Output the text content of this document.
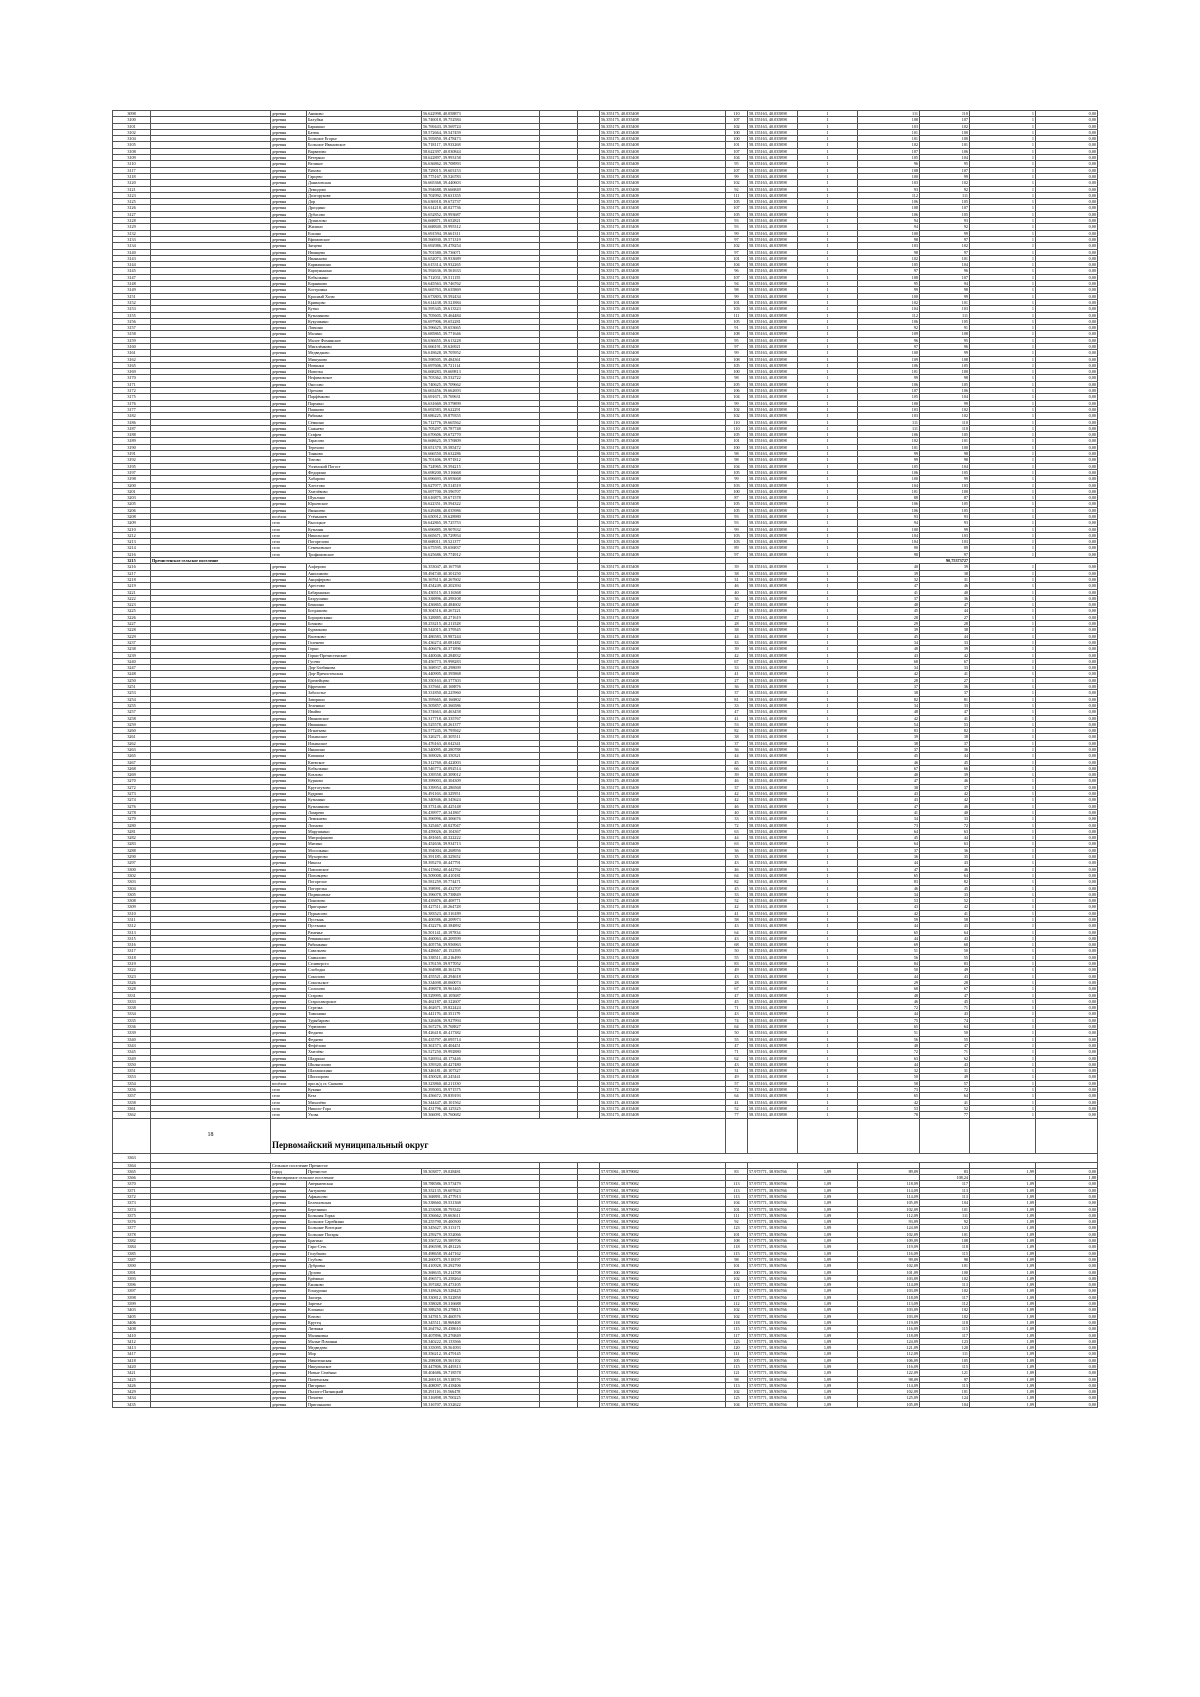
3098		деревня	Аниково	56.622998, 40.058873			56.355175, 40.035408	110	58.155163, 40.035898	1	111	110	1	0,00	
3100		деревня	Балуйки	56.746018, 39.752584			56.355175, 40.035408	107	58.155163, 40.035898	1	108	107	1	0,00	
3101		деревня	Барышки	56.769443, 39.569724			56.355175, 40.035408	102	58.155163, 40.035898	1	103	102	1	0,00	
3102		деревня	Батюк	58.572664, 39.547459			56.355175, 40.035408	100	58.155163, 40.035898	1	101	100	1	0,00	
3104		деревня	Большое Егорье	56.595850, 39.478473			56.355175, 40.035408	100	58.155163, 40.035898	1	101	100	1	0,00	
3105		деревня	Большое Ивановское	56.718117, 39.933268			56.355175, 40.035408	101	58.155163, 40.035898	1	102	101	1	0,00	
3108		деревня	Варватово	58.622397, 40.030844			56.355175, 40.035408	107	58.155163, 40.035898	1	107	106	1	0,00	
3109		деревня	Ветеряно	58.622897, 39.993158			56.355175, 40.035408	104	58.155163, 40.035898	1	105	104	1	0,00	
3110		деревня	Великое	56.636862, 39.708993			56.355175, 40.035408	95	58.155163, 40.035898	1	96	95	1	0,00	
3117		деревня	Вяхово	58.729015, 39.603153			56.355175, 40.035408	107	58.155163, 40.035898	1	108	107	1	0,00	
3118		деревня	Гарцево	58.775167, 39.526783			56.355175, 40.035408	99	58.155163, 40.035898	1	100	99	1	0,00	
3120		деревня	Даниловская	56.665368, 39.440603			56.355175, 40.035408	102	58.155163, 40.035898	1	103	102	1	0,00	
3121		деревня	Демидово	56.594688, 39.666849			56.355175, 40.035408	92	58.155163, 40.035898	1	93	92	1	0,00	
3123		деревня	Долгорукове	58.702992, 39.631355			56.355175, 40.035408	111	58.155163, 40.035898	1	112	111	1	0,00	
3125		деревня	Дор	56.636918, 39.672737			56.355175, 40.035408	105	58.155163, 40.035898	1	106	105	1	0,00	
3126		деревня	Дроздино	56.614218, 40.027736			56.355175, 40.035408	107	58.155163, 40.035898	1	108	107	1	0,00	
3127		деревня	Дубасово	56.652852, 39.993687			56.355175, 40.035408	105	58.155163, 40.035898	1	106	105	1	0,00	
3128		деревня	Душилово	56.668871, 39.652821			56.355175, 40.035408	93	58.155163, 40.035898	1	94	93	1	0,00	
3129		деревня	Жилино	56.668840, 39.995312			56.355175, 40.035408	93	58.155163, 40.035898	1	94	92	1	0,00	
3132		деревня	Ескино	56.691594, 39.661311			56.355175, 40.035408	99	58.155163, 40.035898	1	100	99	1	0,00	
3133		деревня	Ефимовское	58.566930, 39.571319			56.355175, 40.035408	97	58.155163, 40.035898	1	98	97	1	0,00	
3134		деревня	Зятцево	56.692986, 39.478254			56.355175, 40.035408	102	58.155163, 40.035898	1	103	102	1	0,00	
3140		деревня	Иванцево	56.701580, 39.736071			56.355175, 40.035408	97	58.155163, 40.035898	1	98	97	1	0,00	
3143		деревня	Иваньково	56.652073, 39.933689			56.355175, 40.035408	101	58.155163, 40.035898	1	102	101	1	0,00	
3144		деревня	Кармашкино	56.615314, 39.932265			56.355175, 40.035408	104	58.155163, 40.035898	1	105	104	1	0,00	
3145		деревня	Карпунькино	56.592636, 39.561633			56.355175, 40.035408	96	58.155163, 40.035898	1	97	96	1	0,00	
3147		деревня	Кобылкино	56.712031, 39.511155			56.355175, 40.035408	107	58.155163, 40.035898	1	108	107	1	0,00	
3148		деревня	Корниково	56.645563, 39.746762			56.355175, 40.035408	94	58.155163, 40.035898	1	95	94	1	0,00	
3149		деревня	Костромка	56.665763, 39.635869			56.355175, 40.035408	98	58.155163, 40.035898	1	99	98	1	0,00	
3151		деревня	Красный Холм	56.673803, 39.592434			56.355175, 40.035408	99	58.155163, 40.035898	1	100	99	1	0,00	
3152		деревня	Кривцово	56.614438, 39.521884			56.355175, 40.035408	101	58.155163, 40.035898	1	102	101	1	0,00	
3153		деревня	Кутки	56.595345, 39.613323			56.355175, 40.035408	103	58.155163, 40.035898	1	104	103	1	0,00	
3155		деревня	Кузьминово	56.705605, 39.464484			56.355175, 40.035408	111	58.155163, 40.035898	1	112	111	1	0,00	
3156		деревня	Кукушкино	56.697906, 39.652281			56.355175, 40.035408	105	58.155163, 40.035898	1	106	105	1	0,00	
3157		деревня	Латкино	56.596625, 39.653665			56.355175, 40.035408	91	58.155163, 40.035898	1	92	91	1	0,00	
3158		деревня	Малино	56.685865, 39.771646			56.355175, 40.035408	108	58.155163, 40.035898	1	109	108	1	0,00	
3159		деревня	Малое Фоминское	56.636655, 39.613228			56.355175, 40.035408	95	58.155163, 40.035898	1	96	95	1	0,00	
3160		деревня	Мигалёнково	56.666191, 39.626921			56.355175, 40.035408	97	58.155163, 40.035898	1	97	96	1	0,00	
3161		деревня	Медведково	56.618628, 39.705952			56.355175, 40.035408	99	58.155163, 40.035898	1	100	99	1	0,00	
3162		деревня	Мишуково	56.598505, 39.484361			56.355175, 40.035408	108	58.155163, 40.035898	1	109	108	1	0,00	
3165		деревня	Новинки	56.697606, 39.721114			56.355175, 40.035408	105	58.155163, 40.035898	1	106	105	1	0,00	
3169		деревня	Новотка	56.668283, 39.669813			56.355175, 40.035408	100	58.155163, 40.035898	1	101	100	1	0,00	
3170		деревня	Нефимовское	56.703362, 39.532722			56.355175, 40.035408	98	58.155163, 40.035898	1	99	98	1	0,00	
3171		деревня	Оносово	56.740625, 39.709662			56.355175, 40.035408	105	58.155163, 40.035898	1	106	105	1	0,00	
3172		деревня	Орехово	56.663456, 39.662693			56.355175, 40.035408	106	58.155163, 40.035898	1	107	106	1	0,00	
3175		деревня	Парфёнково	56.691671, 39.769631			56.355175, 40.035408	104	58.155163, 40.035898	1	105	104	1	0,00	
3176		деревня	Пархино	56.631669, 39.579899			56.355175, 40.035408	99	58.155163, 40.035898	1	100	99	1	0,00	
3177		деревня	Пашково	56.692583, 39.622291			56.355175, 40.035408	102	58.155163, 40.035898	1	103	102	1	0,00	
3182		деревня	Рябинка	58.686225, 39.879355			56.355175, 40.035408	102	58.155163, 40.035898	1	103	102	1	0,00	
3186		деревня	Сёмкино	56.712776, 39.665562			56.355175, 40.035408	110	58.155163, 40.035898	1	111	110	1	0,00	
3187		деревня	Сажнево	56.705297, 39.787748			56.355175, 40.035408	110	58.155163, 40.035898	1	111	110	1	0,00	
3188		деревня	Стафеи	56.670606, 39.672770			56.355175, 40.035408	105	58.155163, 40.035898	1	106	105	1	0,00	
3189		деревня	Тарасово	56.668625, 39.576809			56.355175, 40.035408	101	58.155163, 40.035898	1	102	101	1	0,00	
3190		деревня	Терехово	58.651370, 39.585472			56.355175, 40.035408	100	58.155163, 40.035898	1	101	100	1	0,00	
3191		деревня	Тинково	56.666550, 39.632286			56.355175, 40.035408	98	58.155163, 40.035898	1	99	98	1	0,00	
3192		деревня	Титово	56.701406, 39.971812			56.355175, 40.035408	98	58.155163, 40.035898	1	99	98	1	0,00	
3195		деревня	Успенский Погост	56.724965, 39.594215			56.355175, 40.035408	104	58.155163, 40.035898	1	105	104	1	0,00	
3197		деревня	Федорино	56.698200, 39.516668			56.355175, 40.035408	105	58.155163, 40.035898	1	106	105	1	0,00	
3198		деревня	Хабарово	56.696693, 39.693668			56.355175, 40.035408	99	58.155163, 40.035898	1	100	99	1	0,00	
3200		деревня	Хлестово	56.627977, 39.514519			56.355175, 40.035408	103	58.155163, 40.035898	1	104	103	1	0,00	
3201		деревня	Хмелёвово	56.697700, 39.596707			56.355175, 40.035408	100	58.155163, 40.035898	1	101	100	1	0,00	
3203		деревня	Шуклино	58.616875, 39.671578			56.355175, 40.035408	87	58.155163, 40.035898	1	88	87	1	0,00	
3205		деревня	Юрьевское	56.622351, 39.594322			56.355175, 40.035408	105	58.155163, 40.035898	1	106	105	1	0,00	
3206		деревня	Ямышево	56.629486, 40.035986			56.355175, 40.035408	105	58.155163, 40.035898	1	106	105	1	0,00	
3208		посёлок	Утёнышев	56.650912, 39.628980			56.355175, 40.035408	93	58.155163, 40.035898	1	93	93	1	0,00	
3209		село	Высоцкое	56.642865, 39.725753			56.355175, 40.035408	93	58.155163, 40.035898	1	94	93	1	0,00	
3210		село	Кузьмин	56.696885, 39.907632			56.355175, 40.035408	99	58.155163, 40.035898	1	100	99	1	0,00	
3212		село	Никольское	56.665671, 39.729954			56.355175, 40.035408	103	58.155163, 40.035898	1	104	103	1	0,00	
3213		село	Погорелово	58.668011, 39.521377			56.355175, 40.035408	103	58.155163, 40.035898	1	104	103	1	0,00	
3214		село	Семеновское	56.675595, 39.656837			56.355175, 40.035408	89	58.155163, 40.035898	1	90	89	1	0,00	
3216		село	Трофимовское	56.625686, 39.774912			56.355175, 40.035408	97	58.155163, 40.035898	1	98	97	1	0,00	
3215	Пречистенское сельское поселение										90,75373727				
3216		деревня	Алферово	56.353047, 40.167768			56.355175, 40.035408	39	58.155163, 40.035898	1	40	39	1	0,00	
3217		деревня	Анисимово	58.494740, 40.301250			56.355175, 40.035408	38	58.155163, 40.035898	1	39	38	1	0,00	
3218		деревня	Анциферово	56.367613, 40.267602			56.355175, 40.035408	31	58.155163, 40.035898	1	32	31	1	0,00	
3219		деревня	Арестово	58.454249, 40.202394			56.355175, 40.035408	46	58.155163, 40.035898	1	47	46	1	0,00	
3221		деревня	Бабарыкино	56.430515, 40.316368			56.355175, 40.035408	40	58.155163, 40.035898	1	41	40	1	0,00	
3222		деревня	Бахрушино	56.338896, 40.298108			56.355175, 40.035408	36	58.155163, 40.035898	1	37	36	1	0,00	
3223		деревня	Бекшино	56.436865, 40.484602			56.355175, 40.035408	47	58.155163, 40.035898	1	48	47	1	0,00	
3225		деревня	Богдашово	58.304516, 40.267221			56.355175, 40.035408	44	58.155163, 40.035898	1	45	44	1	0,00	
3226		деревня	Борщовскино	56.328885, 40.271619			56.355175, 40.035408	27	58.155163, 40.035898	1	28	27	1	0,00	
3227		деревня	Бочково	58.253215, 40.211528			56.355175, 40.035408	28	58.155163, 40.035898	1	29	28	1	0,00	
3228		деревня	Бурмаково	58.542015, 40.379545			56.355175, 40.035408	38	58.155163, 40.035898	1	39	38	1	0,00	
3229		деревня	Васюково	58.486583, 39.987244			56.355175, 40.035408	44	58.155163, 40.035898	1	45	44	1	0,00	
3237		деревня	Голенево	56.436274, 40.081482			56.355175, 40.035408	33	58.155163, 40.035898	1	34	33	1	0,00	
3238		деревня	Горки	56.406676, 40.371896			56.355175, 40.035408	39	58.155163, 40.035898	1	40	39	1	0,00	
3239		деревня	Горки-Пречистенские	56.440046, 40.284832			56.355175, 40.035408	42	58.155163, 40.035898	1	43	42	1	0,00	
3240		деревня	Гусево	58.456773, 39.998283			56.355175, 40.035408	67	58.155163, 40.035898	1	68	67	1	0,00	
3247		деревня	Дор-Злобинова	56.368937, 40.298699			56.355175, 40.035408	33	58.155163, 40.035898	1	34	33	1	0,00	
3248		деревня	Дор-Пречистенская	56.440905, 40.395868			56.355175, 40.035408	41	58.155163, 40.035898	1	42	41	1	0,00	
3250		деревня	Еремейцево	58.350163, 40.377303			56.355175, 40.035408	27	58.155163, 40.035898	1	28	27	1	0,00	
3251		деревня	Ефремово	56.337661, 40.168876			56.355175, 40.035408	36	58.155163, 40.035898	1	37	36	1	0,00	
3253		деревня	Заболотье	58.331850, 40.225960			56.355175, 40.035408	37	58.155163, 40.035898	1	38	37	1	0,00	
3254		деревня	Заворино	56.395665, 40.166802			56.355175, 40.035408	81	58.155163, 40.035898	1	82	81	1	0,00	
3255		деревня	Зеленино	56.505857, 40.366586			56.355175, 40.035408	33	58.155163, 40.035898	1	34	33	1	0,00	
3257		деревня	Ивайво	56.374663, 40.463458			56.355175, 40.035408	47	58.155163, 40.035898	1	48	47	1	0,00	
3258		деревня	Ивановское	56.317718, 40.335767			56.355175, 40.035408	41	58.155163, 40.035898	1	42	41	1	0,00	
3259		деревня	Ивашкино	56.525578, 40.261377			56.355175, 40.035408	53	58.155163, 40.035898	1	54	53	1	0,00	
3260		деревня	Игнатьево	56.577245, 39.795942			56.355175, 40.035408	82	58.155163, 40.035898	1	83	82	1	0,00	
3261		деревня	Ильинское	56.326271, 40.305511			56.355175, 40.035408	38	58.155163, 40.035898	1	39	38	1	0,00	
3262		деревня	Ильинское	56.476163, 40.042341			56.355175, 40.035408	37	58.155163, 40.035898	1	38	37	1	0,00	
3263		деревня	Иньшино	56.340095, 40.280788			56.355175, 40.035408	36	58.155163, 40.035898	1	37	36	1	0,00	
3265		деревня	Катышка	56.369026, 40.350321			56.355175, 40.035408	44	58.155163, 40.035898	1	45	44	1	0,00	
3267		деревня	Киевское	56.312760, 40.422003			56.355175, 40.035408	45	58.155163, 40.035898	1	46	45	1	0,00	
3268		деревня	Кобылкино	58.546773, 40.092514			56.355175, 40.035408	66	58.155163, 40.035898	1	67	66	1	0,00	
3269		деревня	Козлово	56.339558, 40.309012			56.355175, 40.035408	39	58.155163, 40.035898	1	40	39	1	0,00	
3270		деревня	Курново	58.399003, 40.304309			56.355175, 40.035408	46	58.155163, 40.035898	1	47	46	1	0,00	
3272		деревня	Крутогузово	56.339954, 40.286568			56.355175, 40.035408	37	58.155163, 40.035898	1	38	37	1	0,00	
3273		деревня	Кудрино	56.491163, 40.325951			56.355175, 40.035408	42	58.155163, 40.035898	1	43	42	1	0,00	
3274		деревня	Кузьмино	56.340946, 40.345624			56.355175, 40.035408	42	58.155163, 40.035898	1	43	42	1	0,00	
3276		деревня	Кузьминово	58.373146, 40.425148			56.355175, 40.035408	46	58.155163, 40.035898	1	47	46	1	0,00	
3278		деревня	Лазарево	56.439977, 40.341867			56.355175, 40.035408	40	58.155163, 40.035898	1	41	40	1	0,00	
3279		деревня	Лемишево	56.396996, 40.306676			56.355175, 40.035408	33	58.155163, 40.035898	1	34	33	1	0,00	
3280		деревня	Логново	56.325467, 40.027047			56.355175, 40.035408	72	58.155163, 40.035898	1	73	72	1	0,00	
3281		деревня	Марушкино	58.459026, 40.104367			56.355175, 40.035408	63	58.155163, 40.035898	1	64	63	1	0,00	
3282		деревня	Митрофаново	56.481665, 40.322222			56.355175, 40.035408	44	58.155163, 40.035898	1	45	44	1	0,00	
3283		деревня	Митино	56.452636, 39.934713			56.355175, 40.035408	63	58.155163, 40.035898	1	64	63	1	0,00	
3288		деревня	Мосолкино	58.394004, 40.268956			56.355175, 40.035408	36	58.155163, 40.035898	1	37	36	1	0,00	
3290		деревня	Мухортово	56.391185, 40.325652			56.355175, 40.035408	35	58.155163, 40.035898	1	36	35	1	0,00	
3297		деревня	Никола	58.395270, 40.447791			56.355175, 40.035408	43	58.155163, 40.035898	1	44	43	1	0,00	
3300		деревня	Павловское	56.415662, 40.442762			56.355175, 40.035408	46	58.155163, 40.035898	1	47	46	1	0,00	
3302		деревня	Поповцево	56.509008, 40.410181			56.355175, 40.035408	64	58.155163, 40.035898	1	65	64	1	0,00	
3303		деревня	Погорелое	56.581259, 39.774471			56.355175, 40.035408	82	58.155163, 40.035898	1	83	82	1	0,00	
3304		деревня	Погорелка	56.398991, 40.432707			56.355175, 40.035408	45	58.155163, 40.035898	1	46	45	1	0,00	
3305		деревня	Подвишенье	56.396078, 39.738849			56.355175, 40.035408	33	58.155163, 40.035898	1	34	33	1	0,00	
3308		деревня	Понизово	58.435876, 40.408771			56.355175, 40.035408	52	58.155163, 40.035898	1	53	52	1	0,00	
3309		деревня	Пригоряне	58.427511, 40.264728			56.355175, 40.035408	42	58.155163, 40.035898	1	43	42	1	0,00	
3310		деревня	Пурнасово	56.383523, 40.316189			56.355175, 40.035408	41	58.155163, 40.035898	1	42	41	1	0,00	
3311		деревня	Пустынь	56.406586, 40.209973			56.355175, 40.035408	58	58.155163, 40.035898	1	59	58	1	0,00	
3312		деревня	Пустынка	56.432276, 40.384892			56.355175, 40.035408	43	58.155163, 40.035898	1	44	43	1	0,00	
3313		деревня	Раменье	56.501141, 40.197834			56.355175, 40.035408	64	58.155163, 40.035898	1	65	64	1	0,00	
3315		деревня	Ревякинское	56.460063, 40.209599			56.355175, 40.035408	43	58.155163, 40.035898	1	44	43	1	0,00	
3316		деревня	Рябинкино	56.405756, 39.956963			56.355175, 40.035408	68	58.155163, 40.035898	1	69	68	1	0,00	
3317		деревня	Савельево	56.428667, 40.152395			56.355175, 40.035408	50	58.155163, 40.035898	1	51	50	1	0,00	
3318		деревня	Самылово	56.338511, 40.216499			56.355175, 40.035408	55	58.155163, 40.035898	1	56	55	1	0,00	
3319		деревня	Селиверсто	56.376159, 39.977052			56.355175, 40.035408	83	58.155163, 40.035898	1	84	83	1	0,00	
3322		деревня	Слободка	56.364988, 40.361276			56.355175, 40.035408	49	58.155163, 40.035898	1	50	49	1	0,00	
3323		деревня	Соколово	58.455521, 40.294618			56.355175, 40.035408	43	58.155163, 40.035898	1	44	43	1	0,00	
3326		деревня	Сокольское	56.334698, 40.060074			56.355175, 40.035408	28	58.155163, 40.035898	1	29	28	1	0,00	
3328		деревня	Солохово	56.498878, 39.961465			56.355175, 40.035408	67	58.155163, 40.035898	1	68	67	1	0,00	
3331		деревня	Старово	58.529995, 40.105687			56.355175, 40.035408	47	58.155163, 40.035898	1	48	47	1	0,00	
3333		деревня	Старосаворское	56.462187, 40.322607			56.355175, 40.035408	45	58.155163, 40.035898	1	46	45	1	0,00	
3338		деревня	Стрелка	56.462671, 39.822424			56.355175, 40.035408	71	58.155163, 40.035898	1	72	71	1	0,00	
3334		деревня	Тимонино	56.441176, 40.351179			56.355175, 40.035408	43	58.155163, 40.035898	1	44	43	1	0,00	
3335		деревня	Турыбарово	56.326406, 39.927994			56.355175, 40.035408	74	58.155163, 40.035898	1	75	74	1	0,00	
3336		деревня	Угрюмово	56.567276, 39.768827			56.355175, 40.035408	64	58.155163, 40.035898	1	65	64	1	0,00	
3339		деревня	Федяево	58.426418, 40.417382			56.355175, 40.035408	50	58.155163, 40.035898	1	51	50	1	0,00	
3340		деревня	Федяево	56.435797, 40.095714			56.355175, 40.035408	55	58.155163, 40.035898	1	56	55	1	0,00	
3343		деревня	Фефёлово	58.361573, 40.404451			56.355175, 40.035408	47	58.155163, 40.035898	1	48	47	1	0,00	
3345		деревня	Хмелёво	56.527250, 39.992880			56.355175, 40.035408	71	58.155163, 40.035898	1	72	71	1	0,00	
3349		деревня	Шадрино	56.526934, 40.173446			56.355175, 40.035408	62	58.155163, 40.035898	1	63	62	1	0,00	
3350		деревня	Шилыгалово	56.359320, 40.427480			56.355175, 40.035408	43	58.155163, 40.035898	1	44	43	1	0,00	
3351		деревня	Шалашихино	58.346181, 40.107327			56.355175, 40.035408	31	58.155163, 40.035898	1	32	31	1	0,00	
3353		деревня	Шиплорово	58.450028, 40.245441			56.355175, 40.035408	49	58.155163, 40.035898	1	50	49	1	0,00	
3354		посёлок	при ж/д ст. Скоково	58.323860, 40.211330			56.355175, 40.035408	57	58.155163, 40.035898	1	58	57	1	0,00	
3356		село	Кукино	56.395003, 39.971575			56.355175, 40.035408	72	58.155163, 40.035898	1	73	72	1	0,00	
3357		село	Кеза	56.456672, 39.839193			56.355175, 40.035408	64	58.155163, 40.035898	1	65	64	1	0,00	
3358		село	Михалёво	56.344447, 40.101562			56.355175, 40.035408	41	58.155163, 40.035898	1	42	41	1	0,00	
3361		село	Николо-Гора	56.431796, 40.125325			56.355175, 40.035408	52	58.155163, 40.035898	1	53	52	1	0,00	
3362		село	Ухова	58.366091, 39.760682			56.355175, 40.035408	77	58.155163, 40.035898	1	78	77	1	0,00	
	18	Первомайский муниципальный округ													
3363															
3364		Сельское поселение Пречистое													
3365		город	Пречистое	58.303877, 39.028481			57.973961, 38.979082	83	57.975771, 38.956766	1,09	89,09	83	1,99	0,00	
3366		Безвозвратное сельское поселение										108,24		1,88	
3370		деревня	Аверкиевская	58.788586, 39.573479			57.973961, 38.979082	113	57.975771, 38.956766	1,09	118,09	117	1,09	0,00	
3371		деревня	Антушево	58.352135, 39.607623			57.973961, 38.979082	113	57.975771, 38.956766	1,09	114,09	113	1,09	0,00	
3372		деревня	Афанасово	56.368891, 39.477913			57.973961, 38.979082	113	57.975771, 38.956766	1,09	114,09	113	1,09	0,00	
3373		деревня	Белешовская	56.338660, 39.531368			57.973961, 38.979082	104	57.975771, 38.956766	1,09	105,09	104	1,09	0,00	
3374		деревня	Березники	58.253008, 38.793342			57.973961, 38.979082	101	57.975771, 38.956766	1,09	102,09	101	1,09	0,00	
3375		деревня	Большая Горка	58.356662, 39.663611			57.973961, 38.979082	111	57.975771, 38.956766	1,09	112,09	111	1,09	0,00	
3376		деревня	Большое Сарейкино	58.255790, 39.400500			57.973961, 38.979082	92	57.975771, 38.956766	1,09	93,09	92	1,09	0,00	
3377		деревня	Большие Вотецкие	58.345627, 39.313171			57.973961, 38.979082	123	57.975771, 38.956766	1,09	124,09	123	1,09	0,00	
3378		деревня	Большие Погары	58.259279, 39.552066			57.973961, 38.979082	101	57.975771, 38.956766	1,09	102,09	101	1,09	0,00	
3382		деревня	Брагино	58.356722, 39.589706			57.973961, 38.979082	108	57.975771, 38.956766	1,09	109,09	108	1,09	0,00	
3384		деревня	Гари-Сеть	58.496598, 39.481226			57.973961, 38.979082	118	57.975771, 38.956766	1,09	119,09	118	1,09	0,00	
3385		деревня	Голубково	58.498658, 39.447162			57.973961, 38.979082	115	57.975771, 38.956766	1,09	116,09	115	1,09	0,00	
3387		деревня	Глубово	58.260075, 39.518197			57.973961, 38.979082	98	57.975771, 38.956766	1,09	99,09	98	1,09	0,00	
3390		деревня	Дубровка	58.410928, 39.292790			57.973961, 38.979082	101	57.975771, 38.956766	1,09	102,09	101	1,09	0,00	
3391		деревня	Дулово	56.368635, 39.214708			57.973961, 38.979082	100	57.975771, 38.956766	1,09	101,09	100	1,09	0,00	
3393		деревня	Ерёмино	58.496573, 39.258264			57.973961, 38.979082	102	57.975771, 38.956766	1,09	103,09	102	1,09	0,00	
3396		деревня	Ёжиково	56.397482, 39.473105			57.973961, 38.979082	113	57.975771, 38.956766	1,09	114,09	113	1,09	0,00	
3397		деревня	Еськурино	58.318626, 39.528425			57.973961, 38.979082	102	57.975771, 38.956766	1,09	103,09	102	1,09	0,00	
3398		деревня	Заозерь	58.330812, 39.522858			57.973961, 38.979082	117	57.975771, 38.956766	1,09	118,09	117	1,09	0,00	
3399		деревня	Заречье	58.358028, 39.316688			57.973961, 38.979082	112	57.975771, 38.956766	1,09	113,09	112	1,09	0,00	
3403		деревня	Клокино	58.388250, 39.278815			57.973961, 38.979082	102	57.975771, 38.956766	1,09	103,09	102	1,09	0,00	
3405		деревня	Котово	58.347815, 39.460576			57.973961, 38.979082	102	57.975771, 38.956766	1,09	103,09	102	1,09	0,00	
3406		деревня	Крутец	58.345511, 38.969408			57.973961, 38.979082	118	57.975771, 38.956766	1,09	119,09	118	1,09	0,00	
3408		деревня	Литвяки	58.264762, 39.438610			57.973961, 38.979082	115	57.975771, 38.956766	1,09	116,09	115	1,09	0,00	
3410		деревня	Малиновка	58.407896, 39.276849			57.973961, 38.979082	117	57.975771, 38.956766	1,09	118,09	117	1,09	0,00	
3412		деревня	Малые Починки	58.340222, 39.133566			57.973961, 38.979082	123	57.975771, 38.956766	1,09	124,09	123	1,09	0,00	
3413		деревня	Медведево	58.335095, 39.561093			57.973961, 38.979082	120	57.975771, 38.956766	1,09	121,09	120	1,09	0,00	
3417		деревня	Мор	58.356212, 39.479145			57.973961, 38.979082	111	57.975771, 38.956766	1,09	112,09	111	1,09	0,00	
3418		деревня	Никитинская	56.298008, 39.561102			57.973961, 38.979082	105	57.975771, 38.956766	1,09	106,09	105	1,09	0,00	
3420		деревня	Никулинское	58.447806, 39.449313			57.973961, 38.979082	115	57.975771, 38.956766	1,09	116,09	115	1,09	0,00	
3421		деревня	Новые Семёнки	58.404686, 39.718578			57.973961, 38.979082	121	57.975771, 38.956766	1,09	122,09	121	1,09	0,00	
3425		деревня	Пачеенская	58.269118, 39.518576			57.973961, 38.979082	98	57.975771, 38.956766	1,09	98,09	97	1,09	0,00	
3426		деревня	Пигорино	56.408097, 39.418406			57.973961, 38.979082	113	57.975771, 38.956766	1,09	114,09	113	1,09	0,00	
3429		деревня	Пылого-Пятницкий	58.291116, 39.566478			57.973961, 38.979082	102	57.975771, 38.956766	1,09	102,09	101	1,09	0,00	
3434		деревня	Почаево	58.316898, 39.700225			57.973961, 38.979082	125	57.975771, 38.956766	1,09	125,09	124	1,09	0,00	
3435		деревня	Пригоньково	58.316707, 39.532622			57.973961, 38.979082	104	57.975771, 38.956766	1,09	105,09	104	1,09	0,00	
